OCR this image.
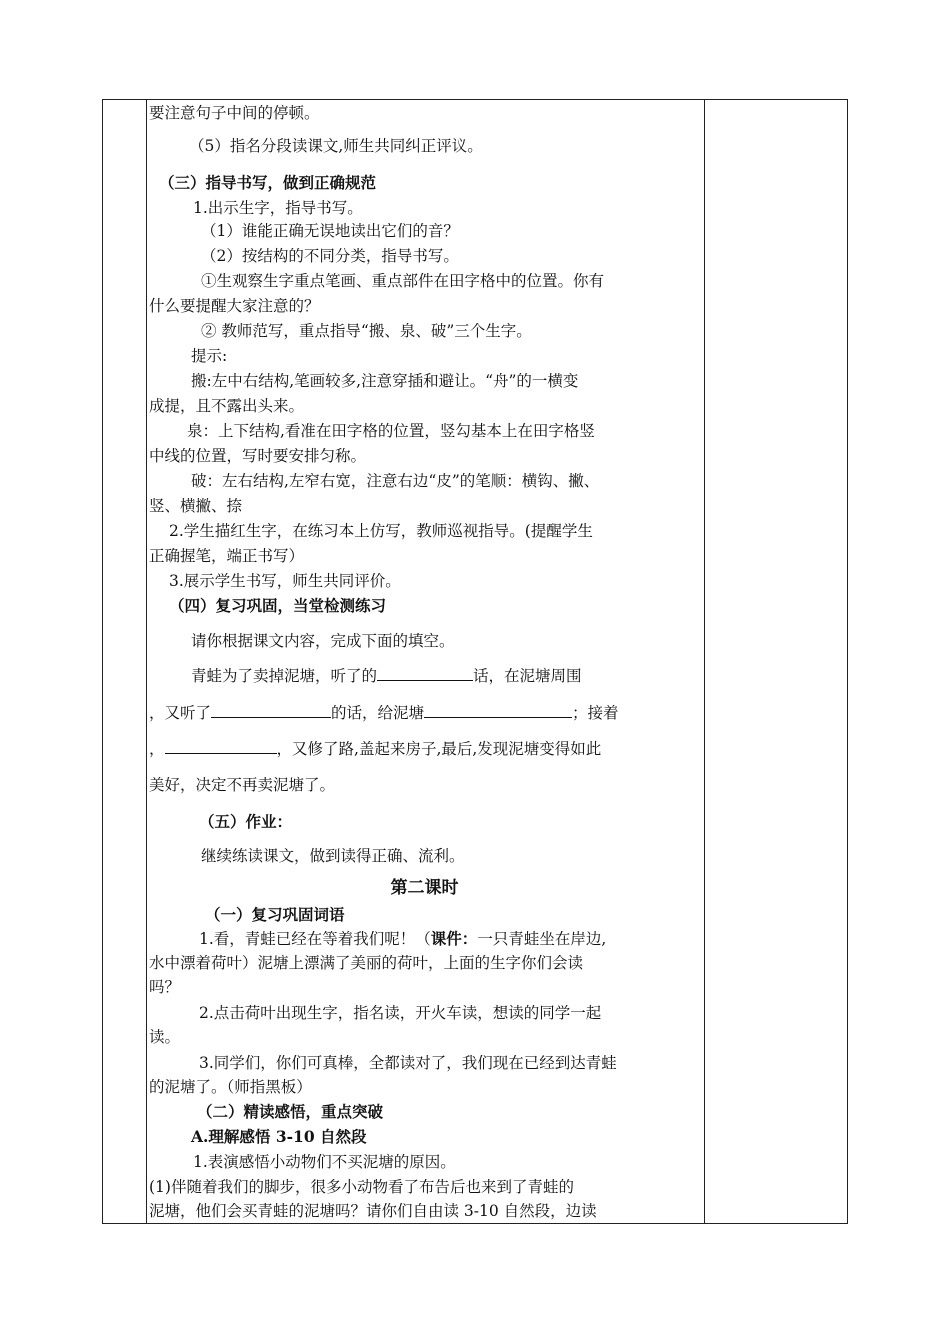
要注意句子中间的停顿。
（5）指名分段读课文,师生共同纠正评议。
（三）指导书写，做到正确规范
1.出示生字，指导书写。
（1）谁能正确无误地读出它们的音？
（2）按结构的不同分类，指导书写。
①生观察生字重点笔画、重点部件在田字格中的位置。你有
什么要提醒大家注意的？
② 教师范写，重点指导“搬、泉、破”三个生字。
提示:
搬:左中右结构,笔画较多,注意穿插和避让。“舟”的一横变
成提，且不露出头来。
泉：上下结构,看准在田字格的位置，竖勾基本上在田字格竖
中线的位置，写时要安排匀称。
破：左右结构,左窄右宽，注意右边“皮”的笔顺：横钩、撇、
竖、横撇、捺
2.学生描红生字，在练习本上仿写，教师巡视指导。(提醒学生
正确握笔，端正书写）
3.展示学生书写，师生共同评价。
（四）复习巩固，当堂检测练习
请你根据课文内容，完成下面的填空。
青蛙为了卖掉泥塘，听了的	话，在泥塘周围
，又听了	的话，给泥塘	；接着
，	，又修了路,盖起来房子,最后,发现泥塘变得如此
美好，决定不再卖泥塘了。
（五）作业：
继续练读课文，做到读得正确、流利。
第二课时
（一）复习巩固词语
1.看，青蛙已经在等着我们呢！（课件：一只青蛙坐在岸边,
水中漂着荷叶）泥塘上漂满了美丽的荷叶，上面的生字你们会读
吗？
2.点击荷叶出现生字，指名读，开火车读，想读的同学一起
读。
3.同学们，你们可真棒，全都读对了，我们现在已经到达青蛙
的泥塘了。（师指黑板）
（二）精读感悟，重点突破
A.理解感悟 3-10 自然段
1.表演感悟小动物们不买泥塘的原因。
(1)伴随着我们的脚步，很多小动物看了布告后也来到了青蛙的
泥塘，他们会买青蛙的泥塘吗？请你们自由读 3-10 自然段，边读
